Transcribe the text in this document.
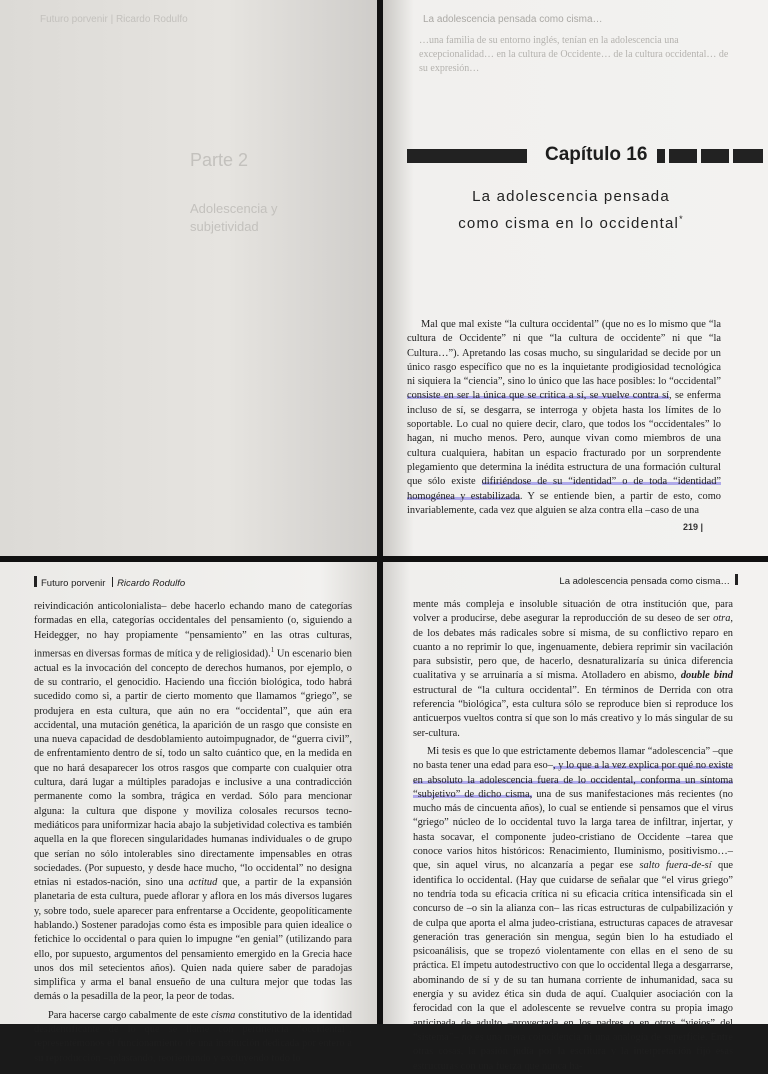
Futuro porvenir | Ricardo Rodulfo
Parte 2
Adolescencia y subjetividad
La adolescencia pensada como cisma…
…una familia de su entorno inglés, tenían en la adolescencia una excepcionalidad… en la cultura de Occidente… de la cultura occidental… de su expresión…
Capítulo 16
La adolescencia pensada
como cisma en lo occidental*

Mal que mal existe “la cultura occidental” (que no es lo mismo que “la cultura de Occidente” ni que “la cultura de occidente” ni que “la Cultura…”). Apretando las cosas mucho, su singularidad se decide por un único rasgo específico que no es la inquietante prodigiosidad tecnológica ni siquiera la “ciencia”, sino lo único que las hace posibles: lo “occidental” consiste en ser la única que se critica a sí, se vuelve contra sí, se enferma incluso de sí, se desgarra, se interroga y objeta hasta los límites de lo soportable. Lo cual no quiere decir, claro, que todos los “occidentales” lo hagan, ni mucho menos. Pero, aunque vivan como miembros de una cultura cualquiera, habitan un espacio fracturado por un sorprendente plegamiento que determina la inédita estructura de una formación cultural que sólo existe difiriéndose de su “identidad” o de toda “identidad” homogénea y estabilizada. Y se entiende bien, a partir de esto, como invariablemente, cada vez que alguien se alza contra ella –caso de una

219 |
Futuro porvenir Ricardo Rodulfo

reivindicación anticolonialista– debe hacerlo echando mano de categorías formadas en ella, categorías occidentales del pensamiento (o, siguiendo a Heidegger, no hay propiamente “pensamiento” en las otras culturas, inmersas en diversas formas de mítica y de religiosidad).$^1$ Un escenario bien actual es la invocación del concepto de derechos humanos, por ejemplo, o de su contrario, el genocidio. Haciendo una ficción biológica, todo habrá sucedido como si, a partir de cierto momento que llamamos “griego”, se produjera en esta cultura, que aún no era “occidental”, que aún era accidental, una mutación genética, la aparición de un rasgo que consiste en una nueva capacidad de desdoblamiento autoimpugnador, de “guerra civil”, de enfrentamiento dentro de sí, todo un salto cuántico que, en la medida en que no hará desaparecer los otros rasgos que comparte con cualquier otra cultura, dará lugar a múltiples paradojas e inclusive a una contradicción permanente como la sombra, trágica en verdad. Sólo para mencionar alguna: la cultura que dispone y moviliza colosales recursos tecno-mediáticos para uniformizar hacia abajo la subjetividad colectiva es también aquella en la que florecen singularidades humanas individuales o de grupo que serían no sólo intolerables sino directamente impensables en otras sociedades. (Por supuesto, y desde hace mucho, “lo occidental” no designa etnias ni estados-nación, sino una actitud que, a partir de la expansión planetaria de esta cultura, puede aflorar y aflora en los más diversos lugares y, sobre todo, suele aparecer para enfrentarse a Occidente, geopolíticamente hablando.) Sostener paradojas como ésta es imposible para quien idealice o fetichice lo occidental o para quien lo impugne “en genial” (utilizando para ello, por supuesto, argumentos del pensamiento emergido en la Grecia hace unos dos mil setecientos años). Quien nada quiere saber de paradojas simplifica y arma el banal ensueño de una cultura mejor que todas las demás o la pesadilla de la peor, la peor de todas.

Para hacerse cargo cabalmente de este cisma constitutivo de la identidad desidentificante de lo que se llame con pertinencia “occidental”, representémonos el funcionamiento de una institución dedicada por entero a su reproducción –aplastando, reorientando y excluyendo todo lo

La adolescencia pensada como cisma…

mente más compleja e insoluble situación de otra institución que, para volver a producirse, debe asegurar la reproducción de su deseo de ser otra, de los debates más radicales sobre sí misma, de su conflictivo reparo en cuanto a no reprimir lo que, ingenuamente, debiera reprimir sin vacilación para subsistir, pero que, de hacerlo, desnaturalizaría su única diferencia cualitativa y se arruinaría a sí misma. Atolladero en abismo, double bind estructural de “la cultura occidental”. En términos de Derrida con otra referencia “biológica”, esta cultura sólo se reproduce bien si reproduce los anticuerpos vueltos contra sí que son lo más creativo y lo más singular de su ser-cultura.

Mi tesis es que lo que estrictamente debemos llamar “adolescencia” –que no basta tener una edad para eso–, y lo que a la vez explica por qué no existe en absoluto la adolescencia fuera de lo occidental, conforma un síntoma “subjetivo” de dicho cisma, una de sus manifestaciones más recientes (no mucho más de cincuenta años), lo cual se entiende si pensamos que el virus “griego” núcleo de lo occidental tuvo la larga tarea de infiltrar, injertar, y hasta socavar, el componente judeo-cristiano de Occidente –tarea que conoce varios hitos históricos: Renacimiento, Iluminismo, positivismo…– que, sin aquel virus, no alcanzaría a pegar ese salto fuera-de-sí que identifica lo occidental. (Hay que cuidarse de señalar que “el virus griego” no tendría toda su eficacia crítica ni su eficacia crítica intensificada sin el concurso de –o sin la alianza con– las ricas estructuras de culpabilización y de culpa que aporta el alma judeo-cristiana, estructuras capaces de atravesar generación tras generación sin mengua, según bien lo ha estudiado el psicoanálisis, que se tropezó violentamente con ellas en el seno de su práctica. El ímpetu autodestructivo con que lo occidental llega a desgarrarse, abominando de sí y de su tan humana corriente de inhumanidad, saca su energía y su avidez ética sin duda de aquí. Cualquier asociación con la ferocidad con la que el adolescente se revuelve contra su propia imago anticipada de adulto –proyectada en los padres o en otros “viejos” del “sistema”– no es una mera coincidencia ni una analogía de superficie. Entre otras cosas, la pasión judía por la escritura y la interpretación fijó esas estructuras con una fuerza que nunca ha-
